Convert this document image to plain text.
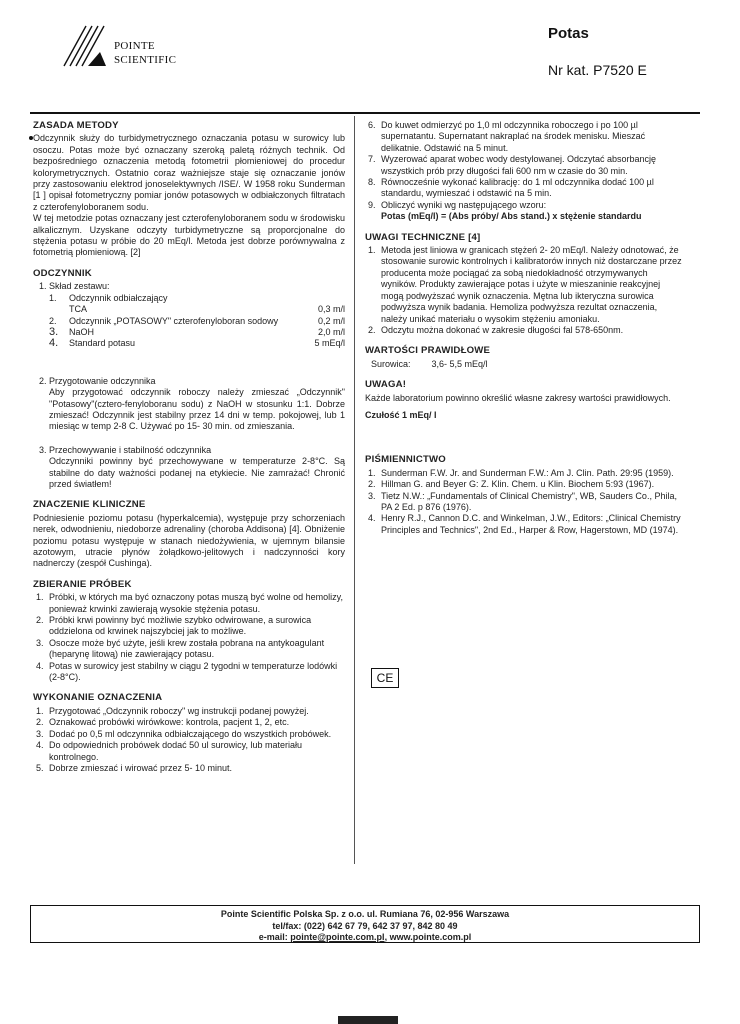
POINTE
SCIENTIFIC
Potas
Nr kat. P7520 E
ZASADA METODY

Odczynnik służy do turbidymetrycznego oznaczania potasu w surowicy lub osoczu. Potas może być oznaczany szeroką paletą różnych technik. Od bezpośredniego oznaczenia metodą fotometrii płomieniowej do procedur kolorymetrycznych. Ostatnio coraz ważniejsze staje się oznaczanie jonów przy zastosowaniu elektrod jonoselektywnych /ISE/. W 1958 roku Sunderman [1 ] opisał fotometryczny pomiar jonów potasowych w odbiałczonych filtratach z czterofenyloboranem sodu.

W tej metodzie potas oznaczany jest czterofenyloboranem sodu w środowisku alkalicznym. Uzyskane odczyty turbidymetryczne są proporcjonalne do stężenia potasu w próbie do 20 mEq/l. Metoda jest dobrze porównywalna z fotometrią płomieniową. [2]

ODCZYNNIK
1. Skład zestawu:
1. Odczynnik odbiałczający
TCA	0,3 m/l
2. Odczynnik „POTASOWY" czterofenyloboran sodowy	0,2 m/l
3. NaOH	2,0 m/l
4. Standard potasu	5 mEq/l
2. Przygotowanie odczynnika

Aby przygotować odczynnik roboczy należy zmieszać „Odczynnik" "Potasowy"(cztero-fenyloboranu sodu) z NaOH w stosunku 1:1. Dobrze zmieszać! Odczynnik jest stabilny przez 14 dni w temp. pokojowej, lub 1 miesiąc w temp 2-8 C. Używać po 15- 30 min. od zmieszania.

3. Przechowywanie i stabilność odczynnika

Odczynniki powinny być przechowywane w temperaturze 2-8°C. Są stabilne do daty ważności podanej na etykiecie. Nie zamrażać! Chronić przed światłem!

ZNACZENIE KLINICZNE

Podniesienie poziomu potasu (hyperkalcemia), występuje przy schorzeniach nerek, odwodnieniu, niedoborze adrenaliny (choroba Addisona) [4]. Obniżenie poziomu potasu występuje w stanach niedożywienia, w ujemnym bilansie azotowym, utracie płynów żołądkowo-jelitowych i nadczynności kory nadnerczy (zespół Cushinga).

ZBIERANIE PRÓBEK
1. Próbki, w których ma być oznaczony potas muszą być wolne od hemolizy, ponieważ krwinki zawierają wysokie stężenia potasu.
2. Próbki krwi powinny być możliwie szybko odwirowane, a surowica oddzielona od krwinek najszybciej jak to możliwe.
3. Osocze może być użyte, jeśli krew została pobrana na antykoagulant (heparynę litową) nie zawierający potasu.
4. Potas w surowicy jest stabilny w ciągu 2 tygodni w temperaturze lodówki (2-8°C).
WYKONANIE OZNACZENIA
1. Przygotować „Odczynnik roboczy" wg instrukcji podanej powyżej.
2. Oznakować probówki wirówkowe: kontrola, pacjent 1, 2, etc.
3. Dodać po 0,5 ml odczynnika odbiałczającego do wszystkich probówek.
4. Do odpowiednich probówek dodać 50 ul surowicy, lub materiału kontrolnego.
5. Dobrze zmieszać i wirować przez 5- 10 minut.
6. Do kuwet odmierzyć po 1,0 ml odczynnika roboczego i po 100 µl supernatantu. Supernatant nakraplać na środek menisku. Mieszać delikatnie. Odstawić na 5 minut.
7. Wyzerować aparat wobec wody destylowanej. Odczytać absorbancję wszystkich prób przy długości fali 600 nm w czasie do 30 min.
8. Równocześnie wykonać kalibrację: do 1 ml odczynnika dodać 100 µl standardu, wymieszać i odstawić na 5 min.
9. Obliczyć wyniki wg następującego wzoru:
Potas (mEq/l) = (Abs próby/ Abs stand.) x stężenie standardu
UWAGI TECHNICZNE [4]
1. Metoda jest liniowa w granicach stężeń 2- 20 mEq/l. Należy odnotować, że stosowanie surowic kontrolnych i kalibratorów innych niż dostarczane przez producenta może pociągać za sobą niedokładność otrzymywanych wyników. Produkty zawierające potas i użyte w mieszaninie reakcyjnej mogą podwyższać wynik oznaczenia. Mętna lub ikteryczna surowica podwyższa wynik badania. Hemoliza podwyższa rezultat oznaczenia, należy unikać materiału o wysokim stężeniu amoniaku.
2. Odczytu można dokonać w zakresie długości fal 578-650nm.
WARTOŚCI PRAWIDŁOWE
Surowica: 3,6- 5,5 mEq/l
UWAGA!

Każde laboratorium powinno określić własne zakresy wartości prawidłowych.

Czułość 1 mEq/ l
PIŚMIENNICTWO
1. Sunderman F.W. Jr. and Sunderman F.W.: Am J. Clin. Path. 29:95 (1959).
2. Hillman G. and Beyer G: Z. Klin. Chem. u Klin. Biochem 5:93 (1967).
3. Tietz N.W.: „Fundamentals of Clinical Chemistry", WB, Sauders Co., Phila, PA 2 Ed. p 876 (1976).
4. Henry R.J., Cannon D.C. and Winkelman, J.W., Editors: „Clinical Chemistry Principles and Technics", 2nd Ed., Harper & Row, Hagerstown, MD (1974).
CE
Pointe Scientific Polska Sp. z o.o. ul. Rumiana 76, 02-956 Warszawa
tel/fax: (022) 642 67 79, 642 37 97, 842 80 49
e-mail: pointe@pointe.com.pl, www.pointe.com.pl
